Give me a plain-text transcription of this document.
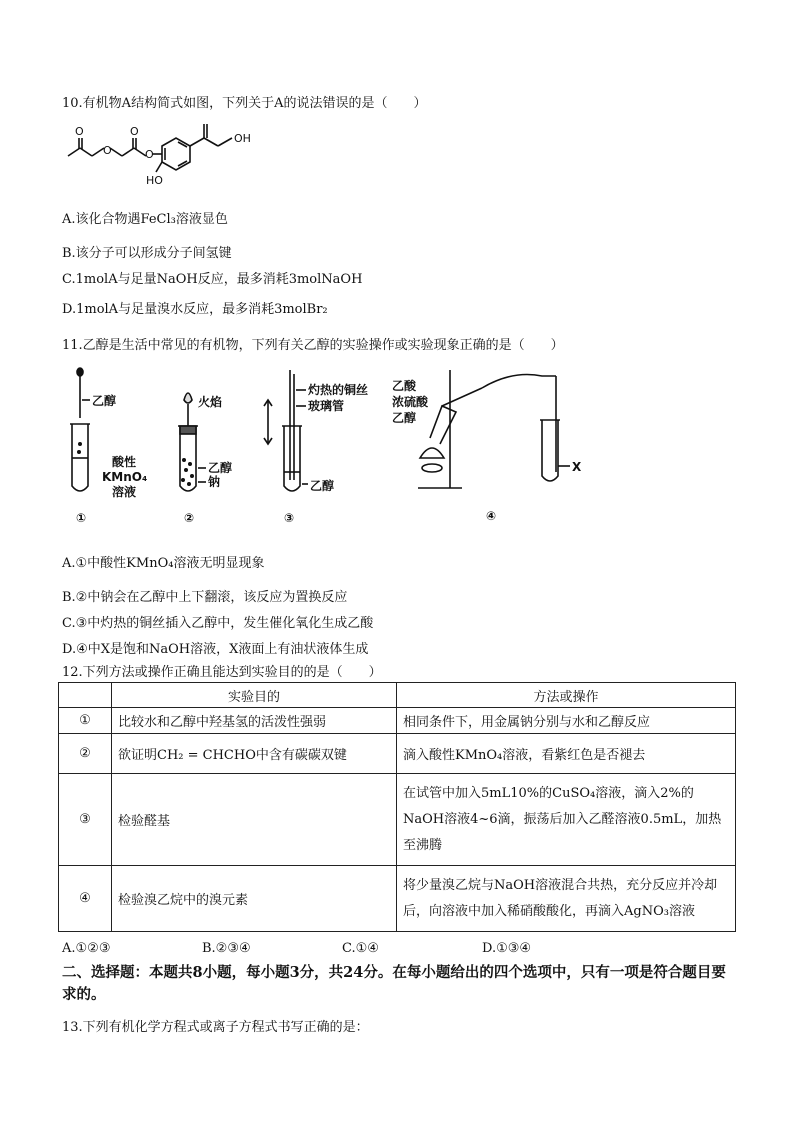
10.有机物A结构简式如图，下列关于A的说法错误的是（　　）
O
O
O
O
HO
OH
A.该化合物遇FeCl₃溶液显色
B.该分子可以形成分子间氢键
C.1molA与足量NaOH反应，最多消耗3molNaOH
D.1molA与足量溴水反应，最多消耗3molBr₂
11.乙醇是生活中常见的有机物，下列有关乙醇的实验操作或实验现象正确的是（　　）
乙醇
酸性
KMnO₄
溶液
①
火焰
乙醇
钠
②
灼热的铜丝
玻璃管
乙醇
③
乙酸
浓硫酸
乙醇
X
④
A.①中酸性KMnO₄溶液无明显现象
B.②中钠会在乙醇中上下翻滚，该反应为置换反应
C.③中灼热的铜丝插入乙醇中，发生催化氧化生成乙酸
D.④中X是饱和NaOH溶液，X液面上有油状液体生成
12.下列方法或操作正确且能达到实验目的的是（　　）
	实验目的	方法或操作
①	比较水和乙醇中羟基氢的活泼性强弱	相同条件下，用金属钠分别与水和乙醇反应
②	欲证明CH₂ = CHCHO中含有碳碳双键	滴入酸性KMnO₄溶液，看紫红色是否褪去
③	检验醛基	在试管中加入5mL10%的CuSO₄溶液，滴入2%的NaOH溶液4~6滴，振荡后加入乙醛溶液0.5mL，加热至沸腾
④	检验溴乙烷中的溴元素	将少量溴乙烷与NaOH溶液混合共热，充分反应并冷却后，向溶液中加入稀硝酸酸化，再滴入AgNO₃溶液
A.①②③	B.②③④	C.①④	D.①③④
二、选择题：本题共8小题，每小题3分，共24分。在每小题给出的四个选项中，只有一项是符合题目要求的。
13.下列有机化学方程式或离子方程式书写正确的是：
